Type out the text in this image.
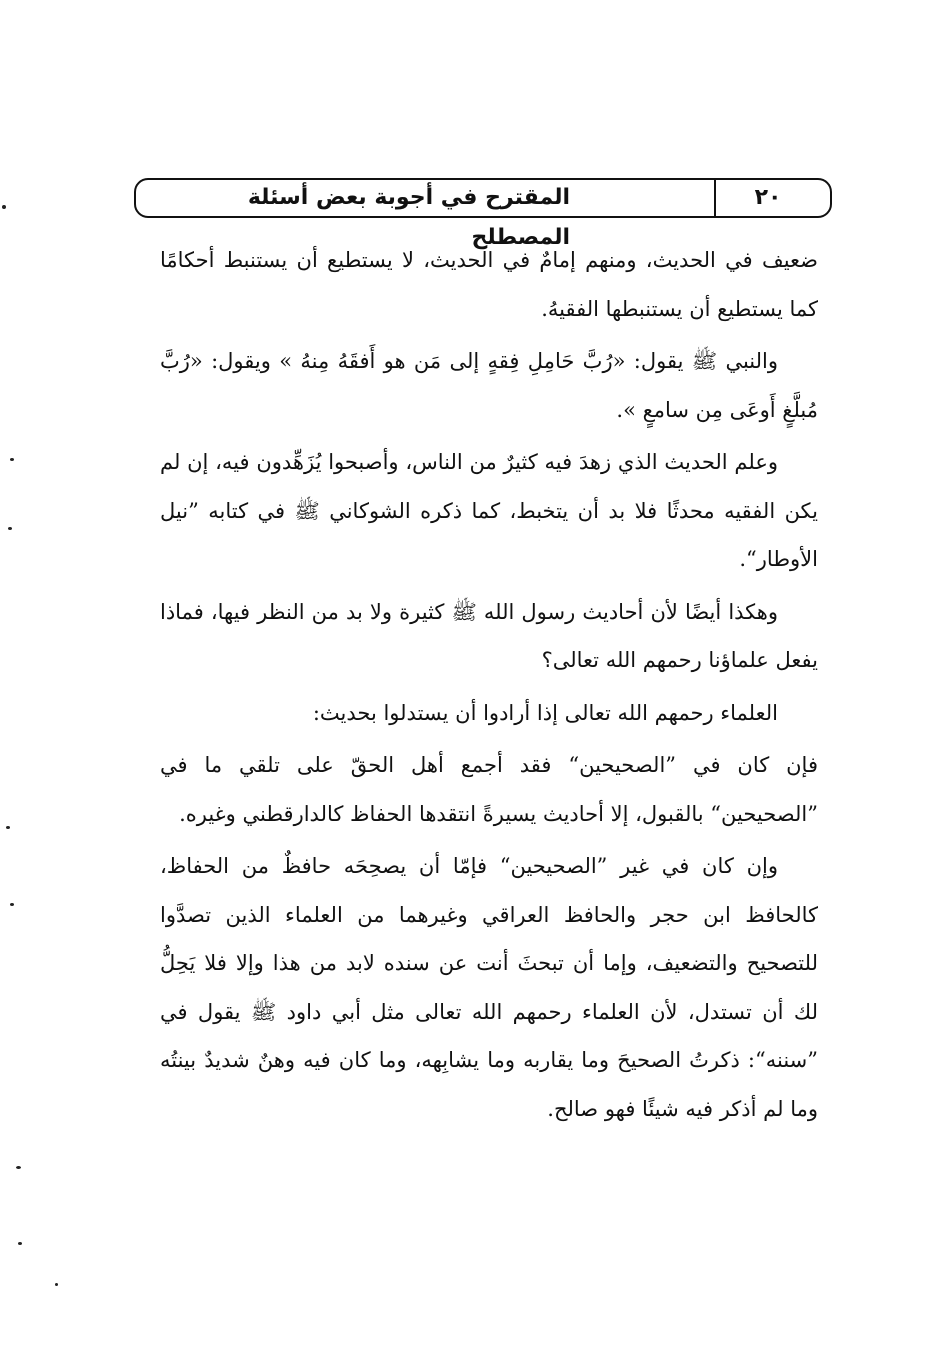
المقترح في أجوبة بعض أسئلة المصطلح
٢٠

ضعيف في الحديث، ومنهم إمامٌ في الحديث، لا يستطيع أن يستنبط أحكامًا كما يستطيع أن يستنبطها الفقيهُ.

والنبي ﷺ يقول: «رُبَّ حَامِلِ فِقهٍ إلى مَن هو أَفقَهُ مِنهُ » ويقول: «رُبَّ مُبلَّغٍ أَوعَى مِن سامعٍ ».

وعلم الحديث الذي زهدَ فيه كثيرٌ من الناس، وأصبحوا يُزَهِّدون فيه، إن لم يكن الفقيه محدثًا فلا بد أن يتخبط، كما ذكره الشوكاني ﷺ في كتابه ”نيل الأوطار“.

وهكذا أيضًا لأن أحاديث رسول الله ﷺ كثيرة ولا بد من النظر فيها، فماذا يفعل علماؤنا رحمهم الله تعالى؟

العلماء رحمهم الله تعالى إذا أرادوا أن يستدلوا بحديث:

فإن كان في ”الصحيحين“ فقد أجمع أهل الحقّ على تلقي ما في ”الصحيحين“ بالقبول، إلا أحاديث يسيرةً انتقدها الحفاظ كالدارقطني وغيره.

وإن كان في غير ”الصحيحين“ فإمّا أن يصحِحَه حافظٌ من الحفاظ، كالحافظ ابن حجر والحافظ العراقي وغيرهما من العلماء الذين تصدَّوا للتصحيح والتضعيف، وإما أن تبحثَ أنت عن سنده لابد من هذا وإلا فلا يَحِلُّ لك أن تستدل، لأن العلماء رحمهم الله تعالى مثل أبي داود ﷺ يقول في ”سننه“: ذكرتُ الصحيحَ وما يقاربه وما يشابِهه، وما كان فيه وهنٌ شديدٌ بينتُه وما لم أذكر فيه شيئًا فهو صالح.
